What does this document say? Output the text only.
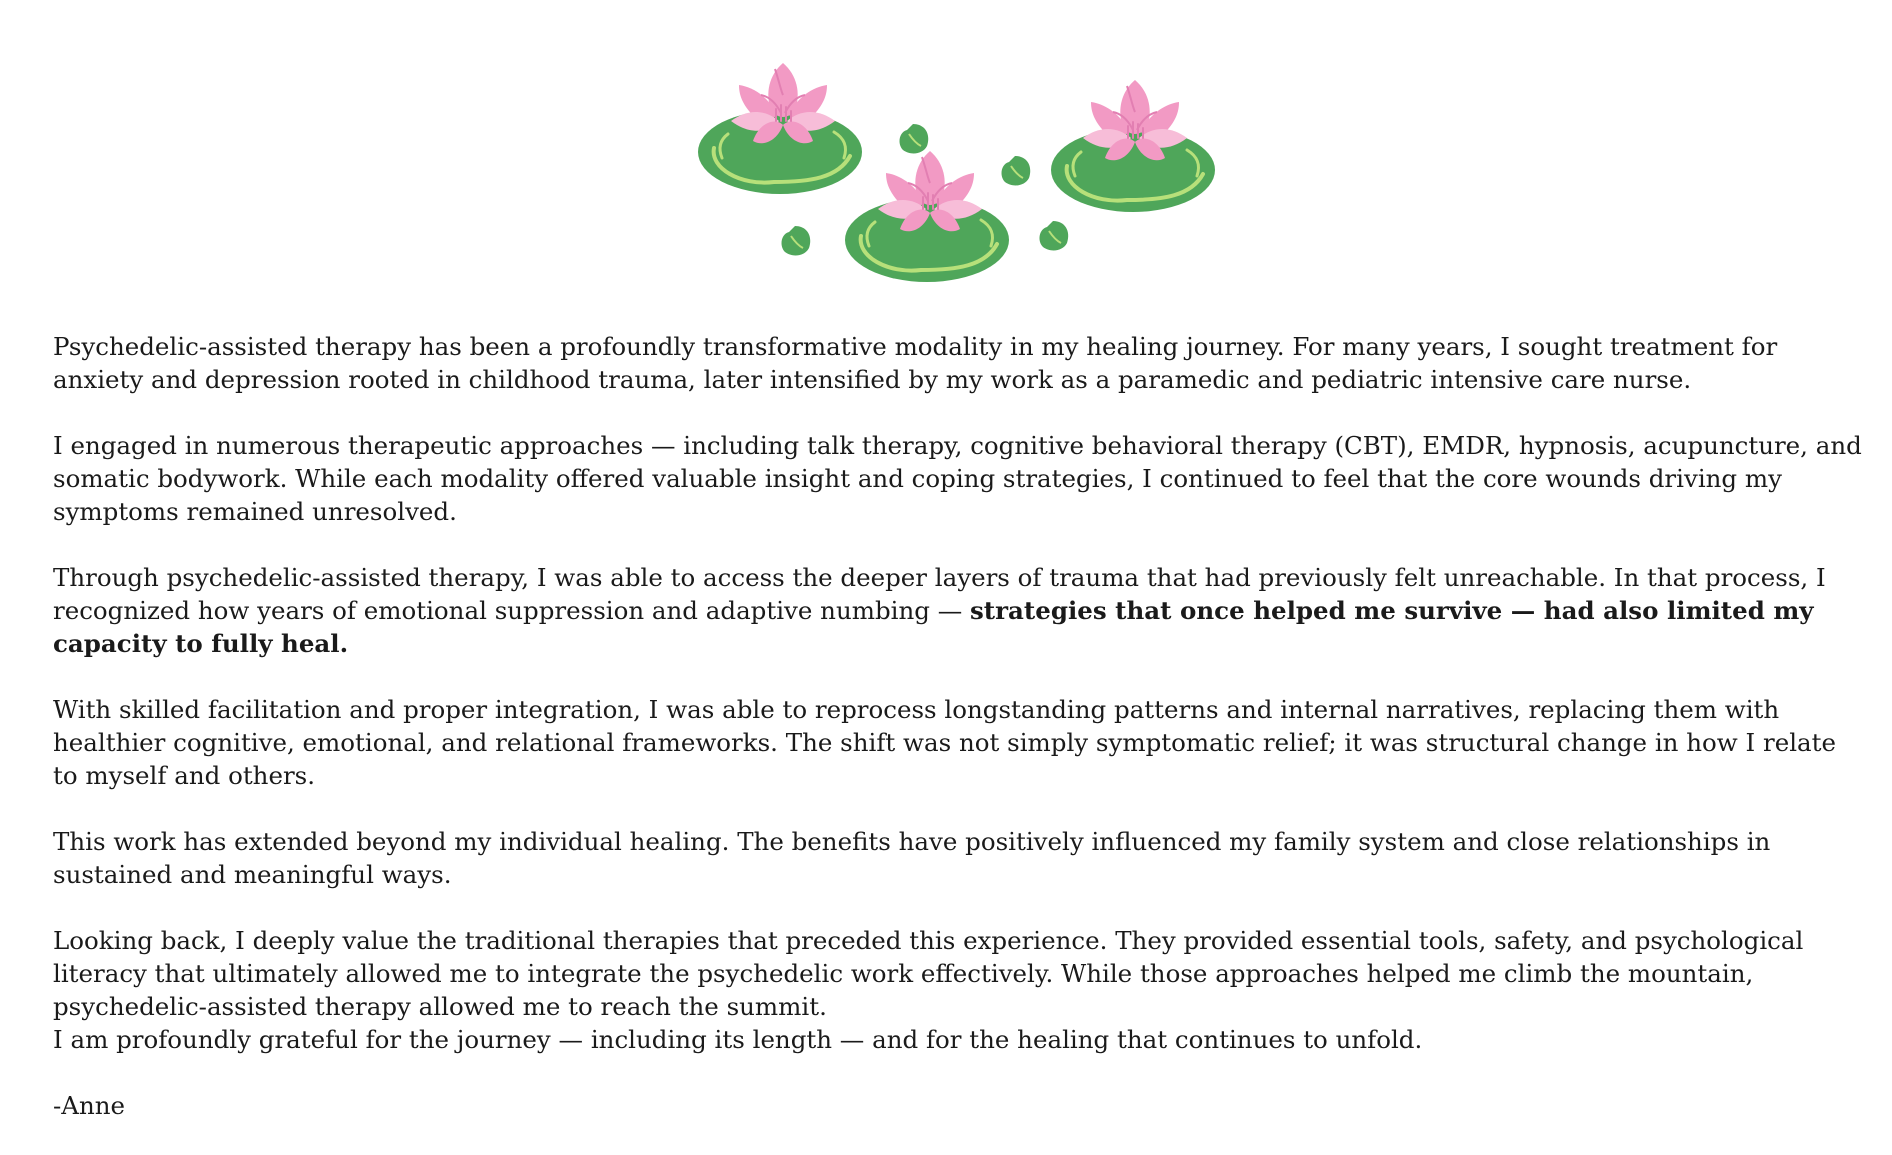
Psychedelic-assisted therapy has been a profoundly transformative modality in my healing journey. For many years, I sought treatment for anxiety and depression rooted in childhood trauma, later intensified by my work as a paramedic and pediatric intensive care nurse.

I engaged in numerous therapeutic approaches — including talk therapy, cognitive behavioral therapy (CBT), EMDR, hypnosis, acupuncture, and somatic bodywork. While each modality offered valuable insight and coping strategies, I continued to feel that the core wounds driving my symptoms remained unresolved.

Through psychedelic-assisted therapy, I was able to access the deeper layers of trauma that had previously felt unreachable. In that process, I recognized how years of emotional suppression and adaptive numbing — strategies that once helped me survive — had also limited my capacity to fully heal.

With skilled facilitation and proper integration, I was able to reprocess longstanding patterns and internal narratives, replacing them with healthier cognitive, emotional, and relational frameworks. The shift was not simply symptomatic relief; it was structural change in how I relate to myself and others.

This work has extended beyond my individual healing. The benefits have positively influenced my family system and close relationships in sustained and meaningful ways.

Looking back, I deeply value the traditional therapies that preceded this experience. They provided essential tools, safety, and psychological literacy that ultimately allowed me to integrate the psychedelic work effectively. While those approaches helped me climb the mountain, psychedelic-assisted therapy allowed me to reach the summit.

I am profoundly grateful for the journey — including its length — and for the healing that continues to unfold.

-Anne
